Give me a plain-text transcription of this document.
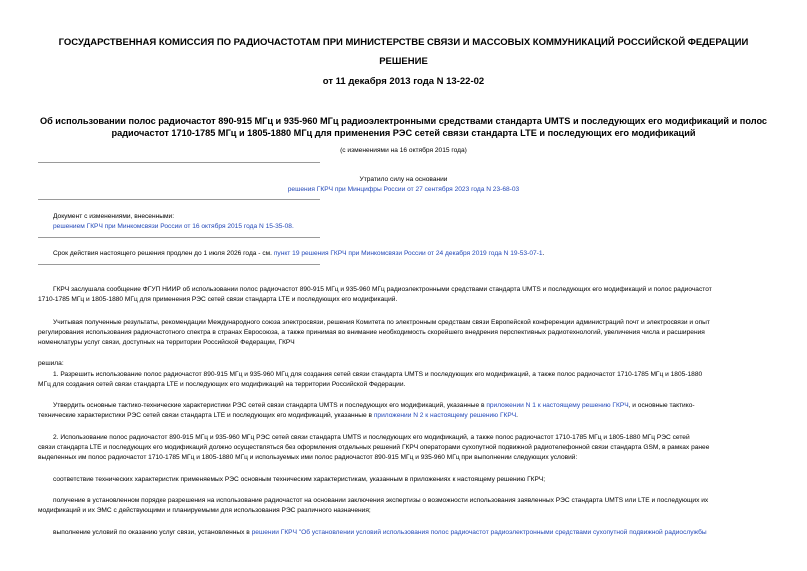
ГОСУДАРСТВЕННАЯ КОМИССИЯ ПО РАДИОЧАСТОТАМ ПРИ МИНИСТЕРСТВЕ СВЯЗИ И МАССОВЫХ КОММУНИКАЦИЙ РОССИЙСКОЙ ФЕДЕРАЦИИ
РЕШЕНИЕ
от 11 декабря 2013 года N 13-22-02
Об использовании полос радиочастот 890-915 МГц и 935-960 МГц радиоэлектронными средствами стандарта UMTS и последующих его модификаций и полос
радиочастот 1710-1785 МГц и 1805-1880 МГц для применения РЭС сетей связи стандарта LTE и последующих его модификаций
(с изменениями на 16 октября 2015 года)
Утратило силу на основании
решения ГКРЧ при Минцифры России от 27 сентября 2023 года N 23-68-03
Документ с изменениями, внесенными:
решением ГКРЧ при Минкомсвязи России от 16 октября 2015 года N 15-35-08.
Срок действия настоящего решения продлен до 1 июля 2026 года - см. пункт 19 решения ГКРЧ при Минкомсвязи России от 24 декабря 2019 года N 19-53-07-1.
ГКРЧ заслушала сообщение ФГУП НИИР об использовании полос радиочастот 890-915 МГц и 935-960 МГц радиоэлектронными средствами стандарта UMTS и последующих его модификаций и полос радиочастот
1710-1785 МГц и 1805-1880 МГц для применения РЭС сетей связи стандарта LTE и последующих его модификаций.
Учитывая полученные результаты, рекомендации Международного союза электросвязи, решения Комитета по электронным средствам связи Европейской конференции администраций почт и электросвязи и опыт
регулирования использования радиочастотного спектра в странах Евросоюза, а также принимая во внимание необходимость скорейшего внедрения перспективных радиотехнологий, увеличения числа и расширения
номенклатуры услуг связи, доступных на территории Российской Федерации, ГКРЧ
решила:
1. Разрешить использование полос радиочастот 890-915 МГц и 935-960 МГц для создания сетей связи стандарта UMTS и последующих его модификаций, а также полос радиочастот 1710-1785 МГц и 1805-1880
МГц для создания сетей связи стандарта LTE и последующих его модификаций на территории Российской Федерации.
Утвердить основные тактико-технические характеристики РЭС сетей связи стандарта UMTS и последующих его модификаций, указанные в приложении N 1 к настоящему решению ГКРЧ, и основные тактико-
технические характеристики РЭС сетей связи стандарта LTE и последующих его модификаций, указанные в приложении N 2 к настоящему решению ГКРЧ.
2. Использование полос радиочастот 890-915 МГц и 935-960 МГц РЭС сетей связи стандарта UMTS и последующих его модификаций, а также полос радиочастот 1710-1785 МГц и 1805-1880 МГц РЭС сетей
связи стандарта LTE и последующих его модификаций должно осуществляться без оформления отдельных решений ГКРЧ операторами сухопутной подвижной радиотелефонной связи стандарта GSM, в рамках ранее
выделенных им полос радиочастот 1710-1785 МГц и 1805-1880 МГц и используемых ими полос радиочастот 890-915 МГц и 935-960 МГц при выполнении следующих условий:
соответствие технических характеристик применяемых РЭС основным техническим характеристикам, указанным в приложениях к настоящему решению ГКРЧ;
получение в установленном порядке разрешения на использование радиочастот на основании заключения экспертизы о возможности использования заявленных РЭС стандарта UMTS или LTE и последующих их
модификаций и их ЭМС с действующими и планируемыми для использования РЭС различного назначения;
выполнение условий по оказанию услуг связи, установленных в решении ГКРЧ "Об установлении условий использования полос радиочастот радиоэлектронными средствами сухопутной подвижной радиослужбы
